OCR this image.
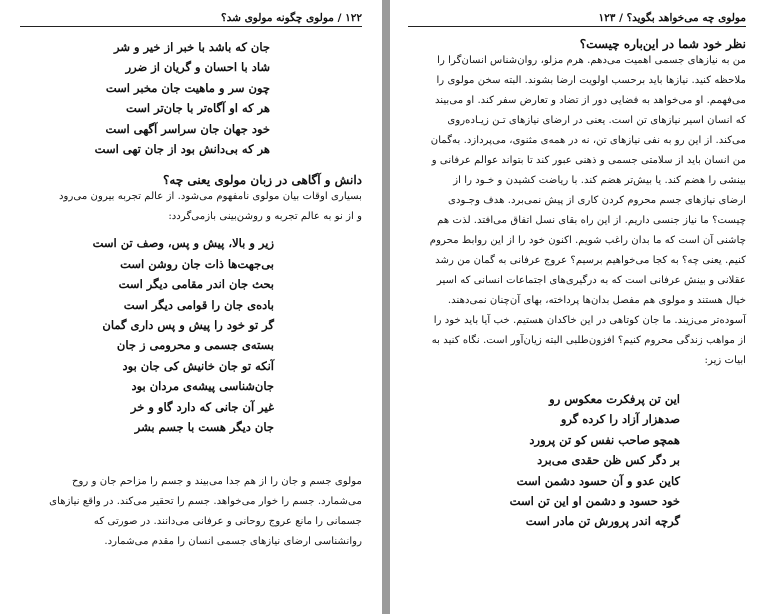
۱۲۲ / مولوی چگونه مولوی شد؟
جان که باشد با خبر از خیر و شر
شاد با احسان و گریان از ضرر
چون سر و ماهیت جان مخبر است
هر که او آگاه‌تر با جان‌تر است
خود جهان جان سراسر آگهی است
هر که بی‌دانش بود از جان تهی است
دانش و آگاهی در زبان مولوی یعنی چه؟
بسیاری اوقات بیان مولوی نامفهوم می‌شود. از عالم تجربه بیرون می‌رود
و از نو به عالم تجربه و روشن‌بینی بازمی‌گردد:
زیر و بالا، پیش و پس، وصف تن است
بی‌جهت‌ها ذات جان روشن است
بحث جان اندر مقامی دیگر است
باده‌ی جان را قوامی دیگر است
گر تو خود را پیش و پس داری گمان
بسته‌ی جسمی و محرومی ز جان
آنکه تو جان خانیش کی جان بود
جان‌شناسی پیشه‌ی مردان بود
غیر آن جانی که دارد گاو و خر
جان دیگر هست با جسم بشر
مولوی جسم و جان را از هم جدا می‌بیند و جسم را مزاحم جان و روح
می‌شمارد. جسم را خوار می‌خواهد. جسم را تحقیر می‌کند. در واقع نیازهای
جسمانی را مانع عروج روحانی و عرفانی می‌دانند. در صورتی که
روانشناسی ارضای نیازهای جسمی انسان را مقدم می‌شمارد.
مولوی چه می‌خواهد بگوید؟ / ۱۲۳
نظر خود شما در این‌باره چیست؟
من به نیازهای جسمی اهمیت می‌دهم. هرم مزلو، روان‌شناس انسان‌گرا را
ملاحظه کنید. نیازها باید برحسب اولویت ارضا بشوند. البته سخن مولوی را
می‌فهمم. او می‌خواهد به فضایی دور از تضاد و تعارض سفر کند. او می‌بیند
که انسان اسیر نیازهای تن است. یعنی در ارضای نیازهای تـن زیـاده‌روی
می‌کند. از این رو به نفی نیازهای تن، نه در همه‌ی مثنوی، می‌پردازد. به‌گمان
من انسان باید از سلامتی جسمی و ذهنی عبور کند تا بتواند عوالم عرفانی و
بینشی را هضم کند. یا بیش‌تر هضم کند. با ریاضت کشیدن و خـود را از
ارضای نیازهای جسم محروم کردن کاری از پیش نمی‌برد. هدف وجـودی
چیست؟ ما نیاز جنسی داریم. از این راه بقای نسل اتفاق می‌افتد. لذت هم
چاشنی آن است که ما بدان راغب شویم. اکنون خود را از این روابط محروم
کنیم. یعنی چه؟ به کجا می‌خواهیم برسیم؟ عروج عرفانی به گمان من رشد
عقلانی و بینش عرفانی است که به درگیری‌های اجتماعات انسانی که اسیر
خیال هستند و مولوی هم مفصل بدان‌ها پرداخته، بهای آن‌چنان نمی‌دهند.
آسوده‌تر می‌زیند. ما جان کوتاهی در این خاکدان هستیم. خب آیا باید خود را
از مواهب زندگی محروم کنیم؟ افزون‌طلبی البته زیان‌آور است. نگاه کنید به
ابیات زیر:
این تن پرفکرت معکوس رو
صدهزار آزاد را کرده گرو
همچو صاحب نفس کو تن پرورد
بر دگر کس ظن حقدی می‌برد
کاین عدو و آن حسود دشمن است
خود حسود و دشمن او این تن است
گرچه اندر پرورش تن مادر است
